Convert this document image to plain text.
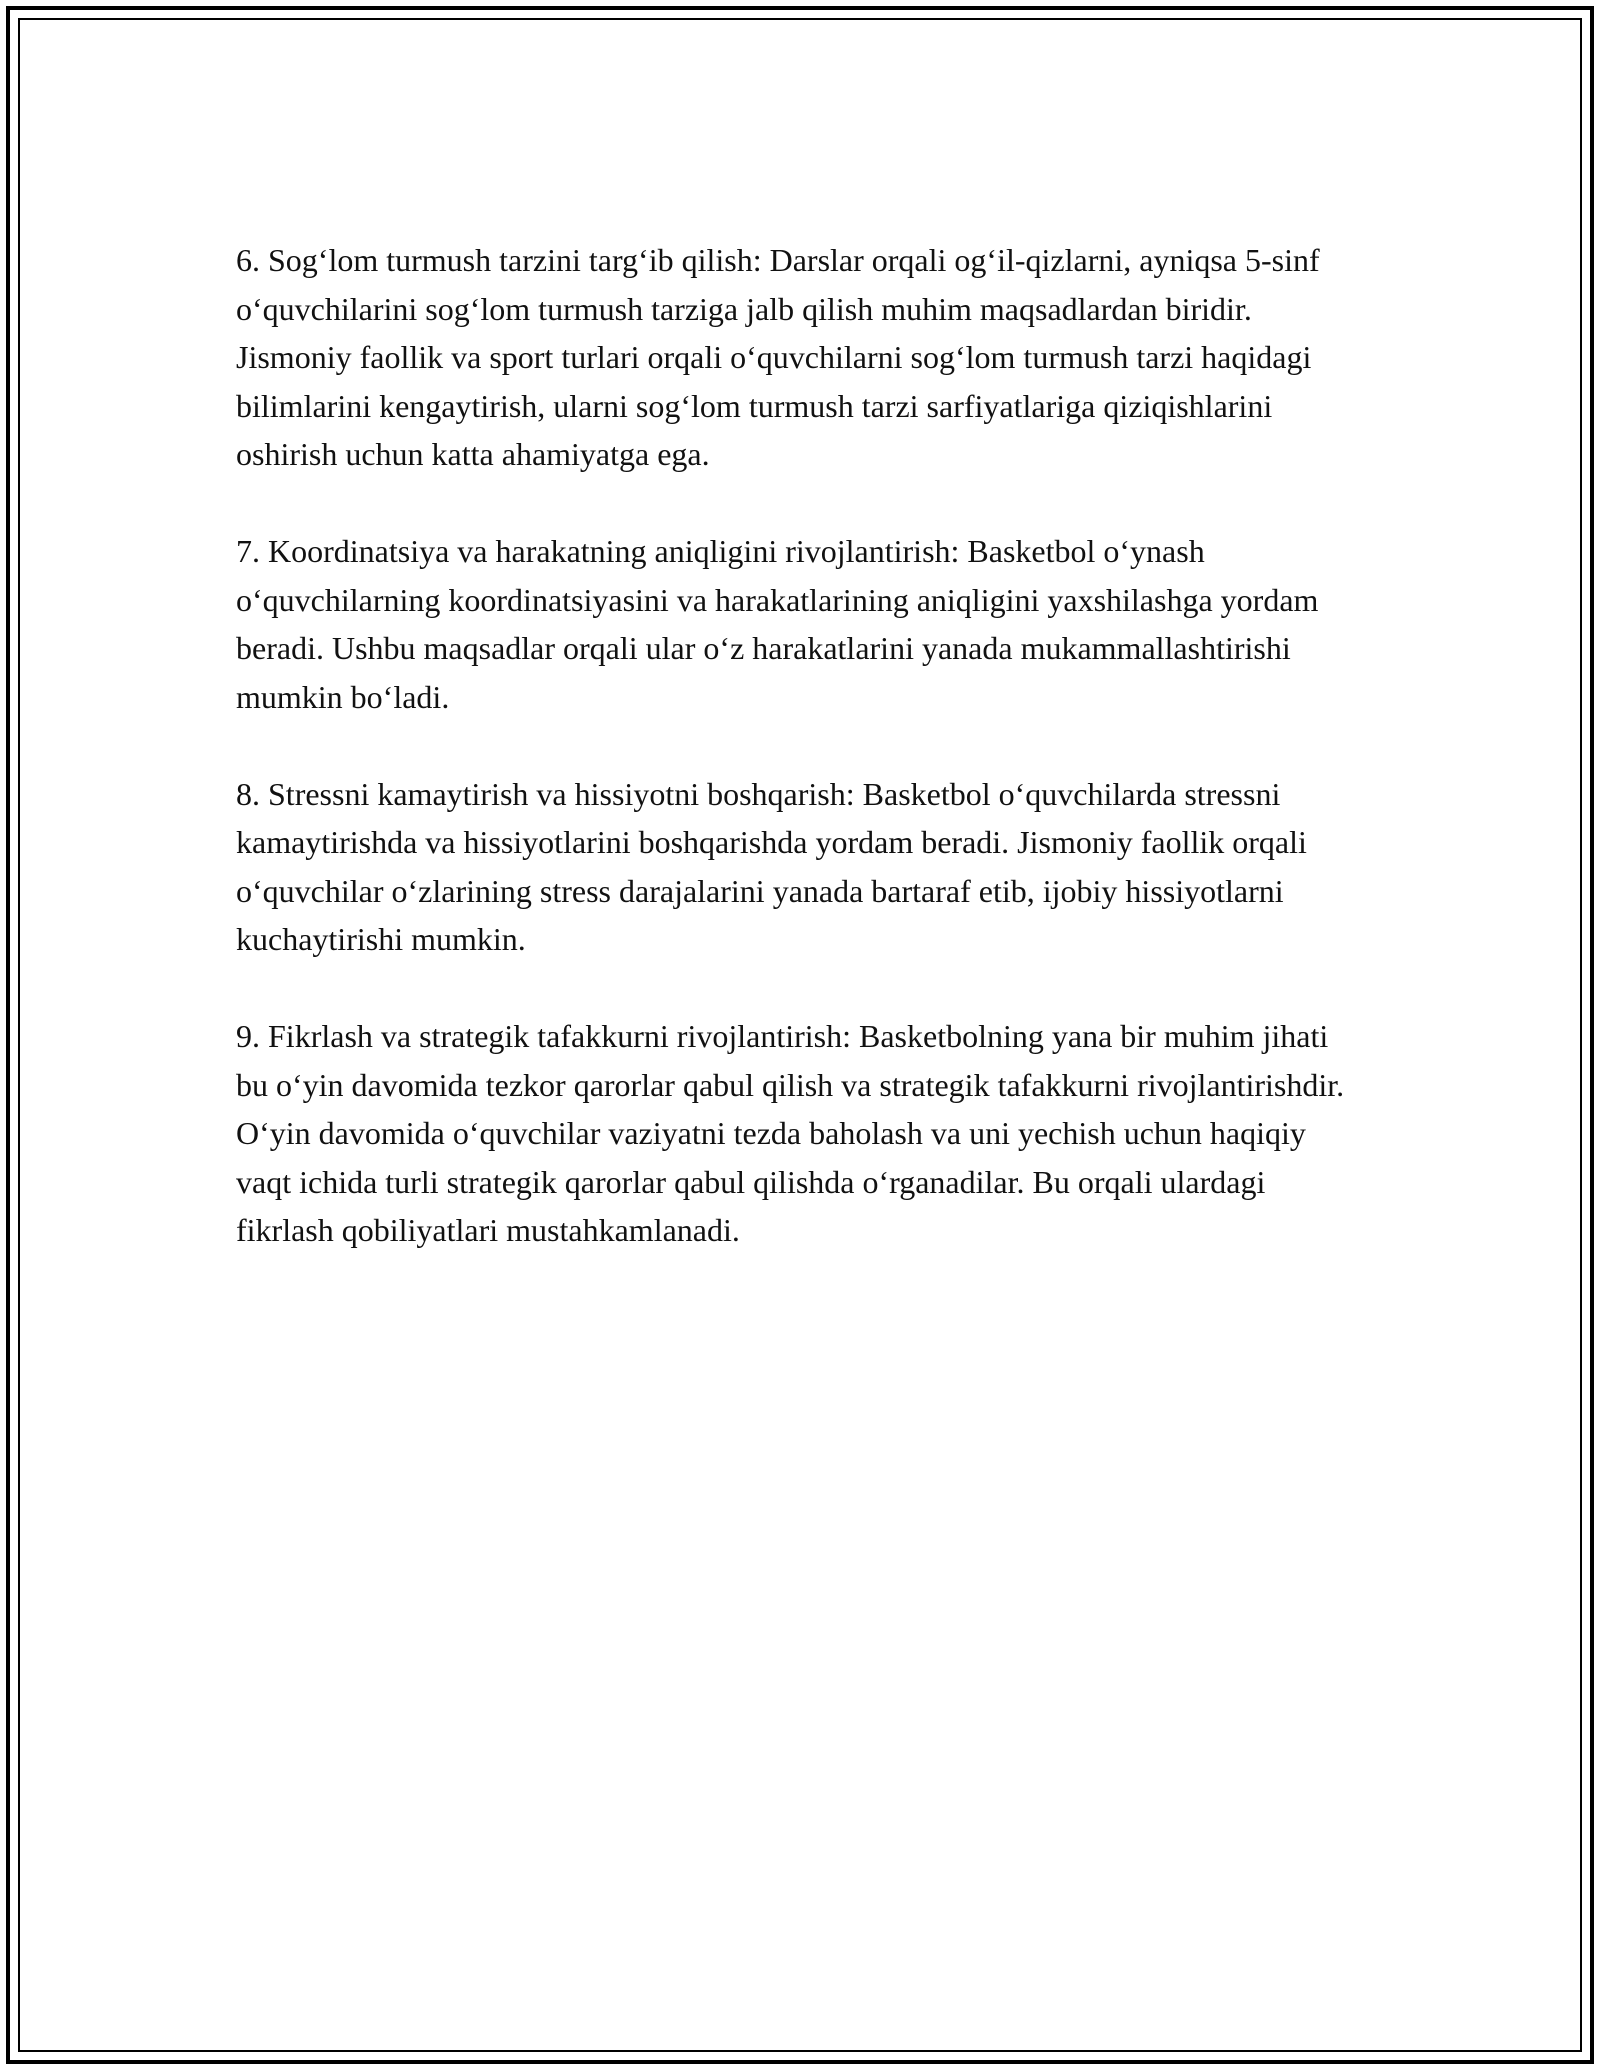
6. Sog‘lom turmush tarzini targ‘ib qilish: Darslar orqali og‘il-qizlarni, ayniqsa 5-sinf o‘quvchilarini sog‘lom turmush tarziga jalb qilish muhim maqsadlardan biridir. Jismoniy faollik va sport turlari orqali o‘quvchilarni sog‘lom turmush tarzi haqidagi bilimlarini kengaytirish, ularni sog‘lom turmush tarzi sarfiyatlariga qiziqishlarini oshirish uchun katta ahamiyatga ega.

7. Koordinatsiya va harakatning aniqligini rivojlantirish: Basketbol o‘ynash o‘quvchilarning koordinatsiyasini va harakatlarining aniqligini yaxshilashga yordam beradi. Ushbu maqsadlar orqali ular o‘z harakatlarini yanada mukammallashtirishi mumkin bo‘ladi.

8. Stressni kamaytirish va hissiyotni boshqarish: Basketbol o‘quvchilarda stressni kamaytirishda va hissiyotlarini boshqarishda yordam beradi. Jismoniy faollik orqali o‘quvchilar o‘zlarining stress darajalarini yanada bartaraf etib, ijobiy hissiyotlarni kuchaytirishi mumkin.

9. Fikrlash va strategik tafakkurni rivojlantirish: Basketbolning yana bir muhim jihati bu o‘yin davomida tezkor qarorlar qabul qilish va strategik tafakkurni rivojlantirishdir. O‘yin davomida o‘quvchilar vaziyatni tezda baholash va uni yechish uchun haqiqiy vaqt ichida turli strategik qarorlar qabul qilishda o‘rganadilar. Bu orqali ulardagi fikrlash qobiliyatlari mustahkamlanadi.
